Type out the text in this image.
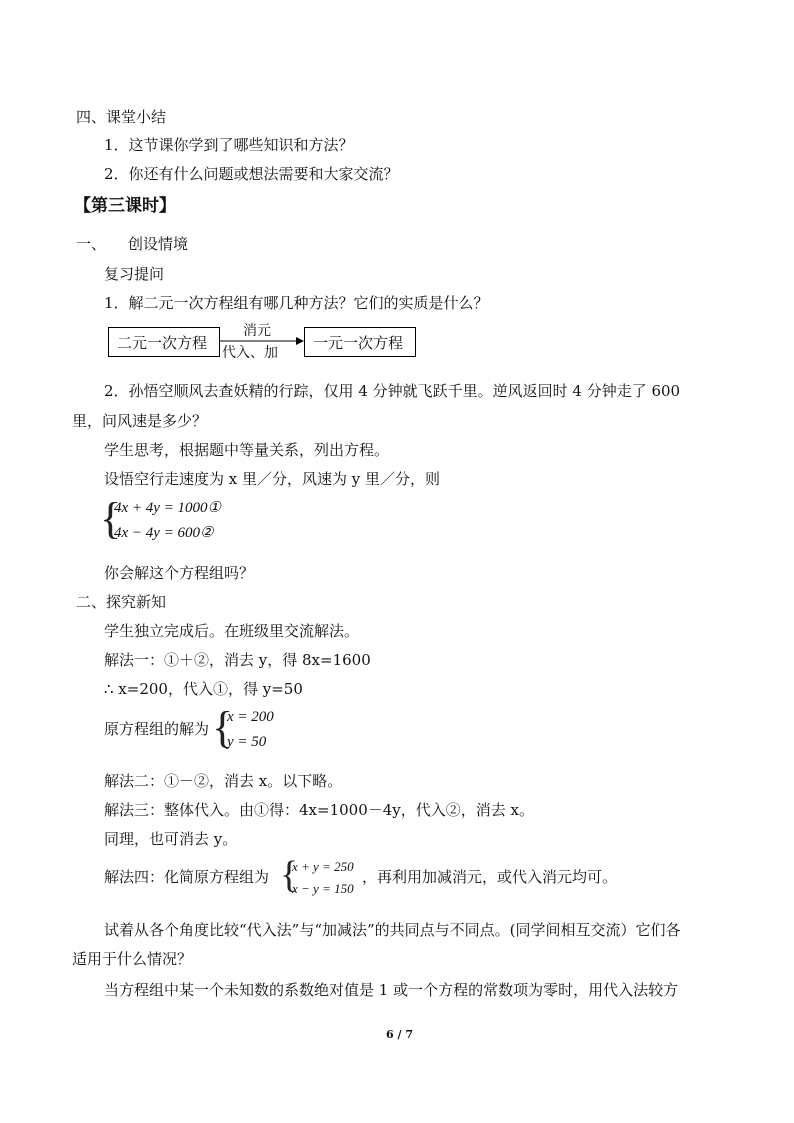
四、课堂小结
1．这节课你学到了哪些知识和方法？
2．你还有什么问题或想法需要和大家交流？
【第三课时】
一、 创设情境
复习提问
1．解二元一次方程组有哪几种方法？它们的实质是什么？
二元一次方程
消元
代入、加
一元一次方程
2．孙悟空顺风去查妖精的行踪，仅用 4 分钟就飞跃千里。逆风返回时 4 分钟走了 600
里，问风速是多少？
学生思考，根据题中等量关系，列出方程。
设悟空行走速度为 x 里／分，风速为 y 里／分，则
{
4x + 4y = 1000①
4x − 4y = 600②
你会解这个方程组吗？
二、探究新知
学生独立完成后。在班级里交流解法。
解法一：①＋②，消去 y，得 8x=1600
∴ x=200，代入①，得 y=50
原方程组的解为 {
x = 200
y = 50
解法二：①－②，消去 x。以下略。
解法三：整体代入。由①得：4x=1000－4y，代入②，消去 x。
同理，也可消去 y。
解法四：化简原方程组为 {
x + y = 250
x − y = 150
，再利用加减消元，或代入消元均可。
试着从各个角度比较“代入法”与“加减法”的共同点与不同点。(同学间相互交流）它们各
适用于什么情况？
当方程组中某一个未知数的系数绝对值是 1 或一个方程的常数项为零时，用代入法较方
6 / 7
